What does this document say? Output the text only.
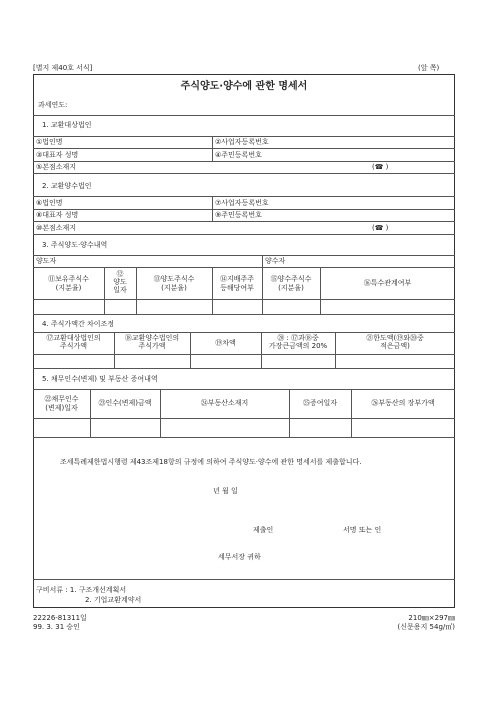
[별지 제40호 서식]	(앞 쪽)
주식양도·양수에 관한 명세서
과세연도:
1. 교환대상법인
①법인명	②사업자등록번호
③대표자 성명	④주민등록번호
⑤본점소재지	(☎ )
2. 교환양수법인
⑥법인명	⑦사업자등록번호
⑧대표자 성명	⑨주민등록번호
⑩본점소재지	(☎ )
3. 주식양도·양수내역
양도자	양수자
⑪보유주식수
(지분율)
⑫
양도
일자
⑬양도주식수
(지분율)
⑭지배주주
등해당여부
⑮양수주식수
(지분율)
⑯특수관계여부
4. 주식가액간 차이조정
⑰교환대상법인의
주식가액
⑱교환양수법인의
주식가액	⑲차액
⑳ : ⑰과⑱중
가장큰금액의 20%
㉑한도액(⑲와⑳중
적은금액)
5. 채무인수(변제) 및 부동산 증여내역
㉒채무인수
(변제)일자
㉓인수(변제)금액	㉔부동산소재지	㉕증여일자	㉖부동산의 장부가액
조세특례제한법시행령 제43조제18항의 규정에 의하여 주식양도·양수에 관한 명세서를 제출합니다.
년 월 일
제출인	서명 또는 인
세무서장 귀하
구비서류 : 1. 구조개선계획서
2. 기업교환계약서
22226-81311일
99. 3. 31 승인
210㎜×297㎜
(신문용지 54g/㎡)
